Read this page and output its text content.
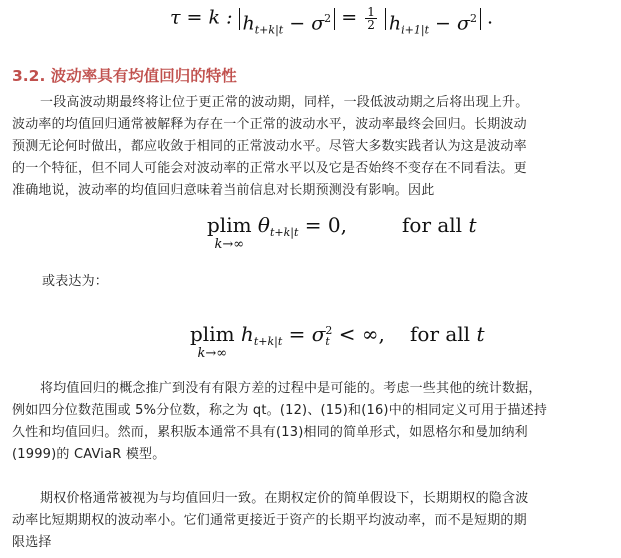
τ = k : $h_{t+k|t} - \sigma^2 = \frac{1}{2} h_{i+1|t} - \sigma^2$ .
3.2. 波动率具有均值回归的特性
一段高波动期最终将让位于更正常的波动期，同样，一段低波动期之后将出现上升。
波动率的均值回归通常被解释为存在一个正常的波动水平，波动率最终会回归。长期波动
预测无论何时做出，都应收敛于相同的正常波动水平。尽管大多数实践者认为这是波动率
的一个特征，但不同人可能会对波动率的正常水平以及它是否始终不变存在不同看法。更
准确地说，波动率的均值回归意味着当前信息对长期预测没有影响。因此
plim
k→∞
$\theta_{t+k|t} = 0$,	for all t
或表达为：
plim
k→∞
$h_{t+k|t} = \sigma$ 2
t < ∞, for all t
将均值回归的概念推广到没有有限方差的过程中是可能的。考虑一些其他的统计数据，
例如四分位数范围或 5%分位数，称之为 qt。(12)、(15)和(16)中的相同定义可用于描述持
久性和均值回归。然而，累积版本通常不具有(13)相同的简单形式，如恩格尔和曼加纳利
(1999)的 CAViaR 模型。
期权价格通常被视为与均值回归一致。在期权定价的简单假设下，长期期权的隐含波
动率比短期期权的波动率小。它们通常更接近于资产的长期平均波动率，而不是短期的期
限选择
